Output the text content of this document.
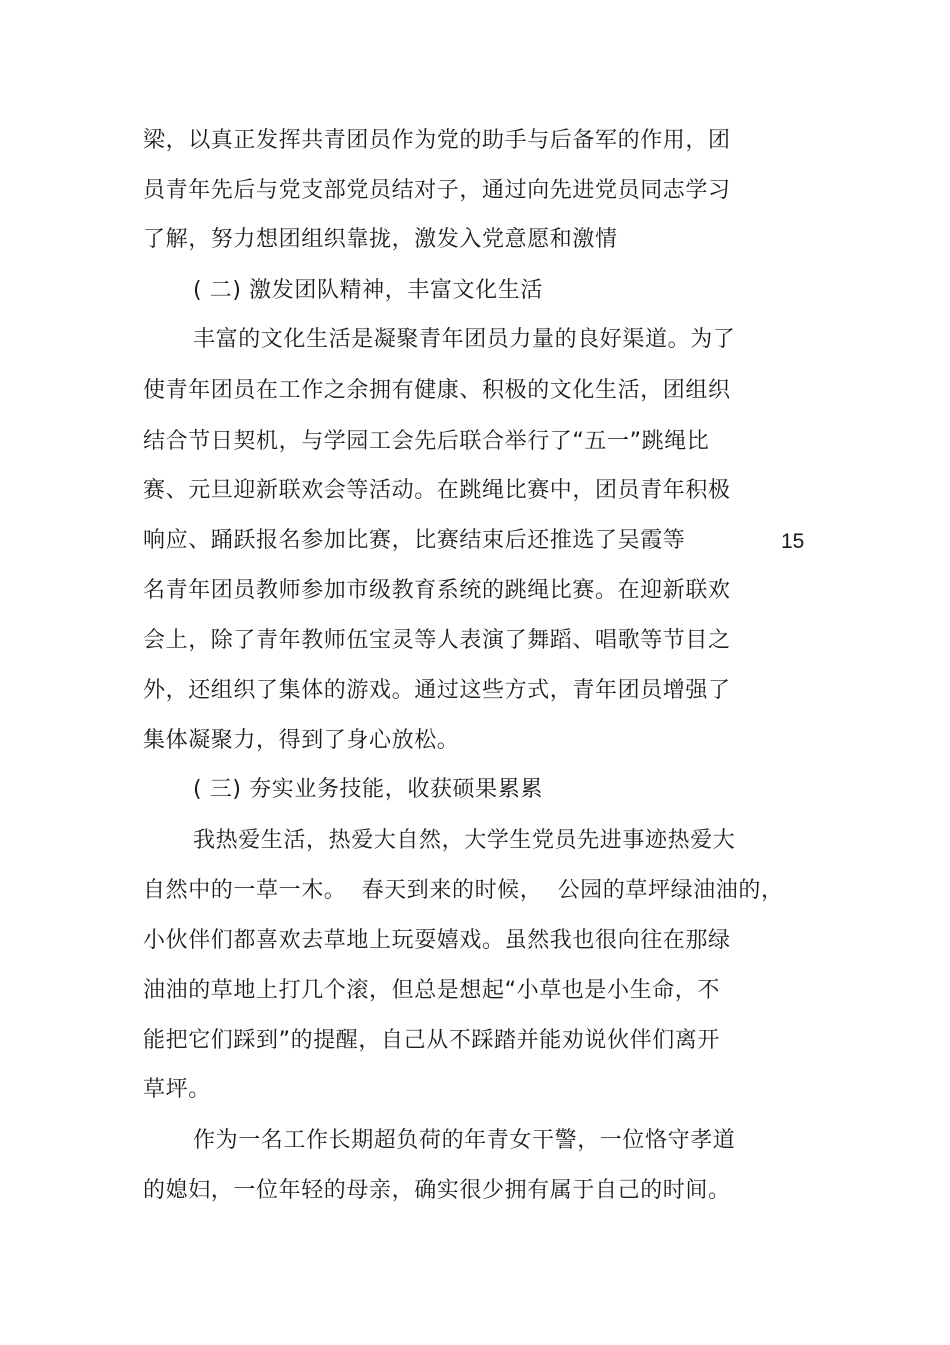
梁，以真正发挥共青团员作为党的助手与后备军的作用，团
员青年先后与党支部党员结对子，通过向先进党员同志学习
了解，努力想团组织靠拢，激发入党意愿和激情
( 二) 激发团队精神，丰富文化生活
丰富的文化生活是凝聚青年团员力量的良好渠道。为了
使青年团员在工作之余拥有健康、积极的文化生活，团组织
结合节日契机，与学园工会先后联合举行了“五一”跳绳比
赛、元旦迎新联欢会等活动。在跳绳比赛中，团员青年积极
响应、踊跃报名参加比赛，比赛结束后还推选了吴霞等
名青年团员教师参加市级教育系统的跳绳比赛。在迎新联欢
会上，除了青年教师伍宝灵等人表演了舞蹈、唱歌等节目之
外，还组织了集体的游戏。通过这些方式，青年团员增强了
集体凝聚力，得到了身心放松。
( 三) 夯实业务技能，收获硕果累累
我热爱生活，热爱大自然，大学生党员先进事迹热爱大
自然中的一草一木。  春天到来的时候，  公园的草坪绿油油的，
小伙伴们都喜欢去草地上玩耍嬉戏。虽然我也很向往在那绿
油油的草地上打几个滚，但总是想起“小草也是小生命，不
能把它们踩到”的提醒，自己从不踩踏并能劝说伙伴们离开
草坪。
作为一名工作长期超负荷的年青女干警，一位恪守孝道
的媳妇，一位年轻的母亲，确实很少拥有属于自己的时间。
15
